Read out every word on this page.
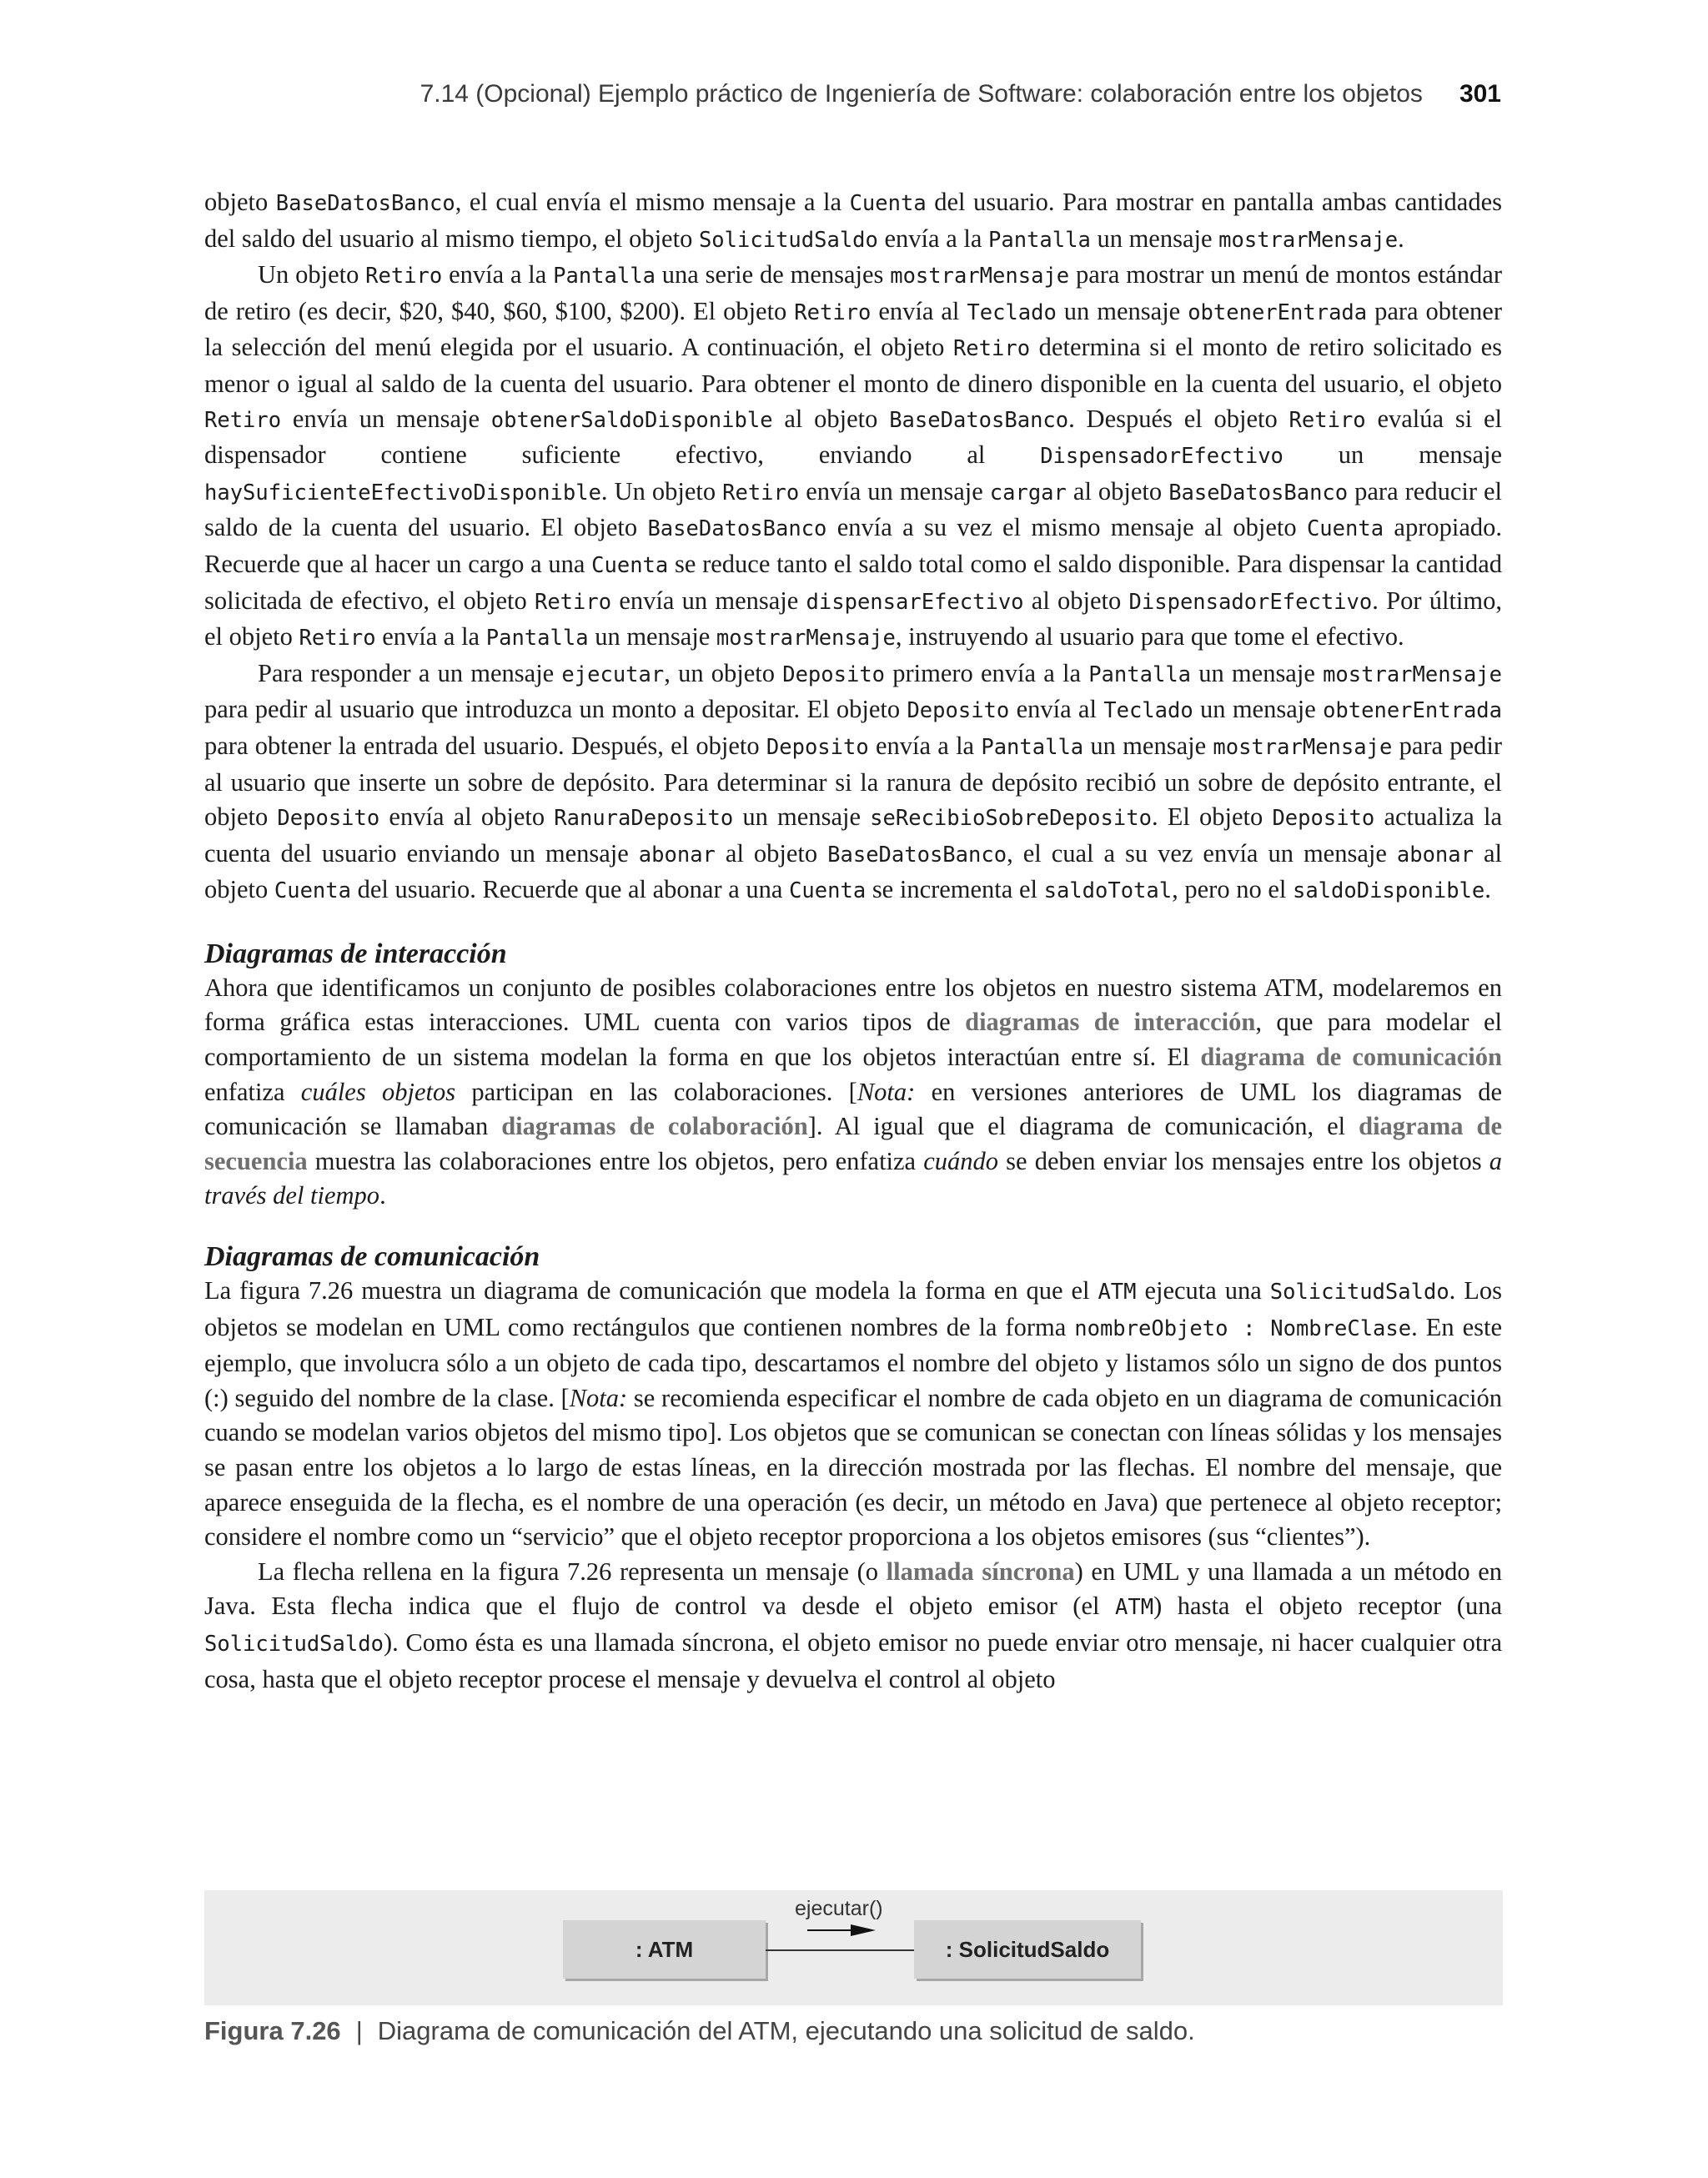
7.14 (Opcional) Ejemplo práctico de Ingeniería de Software: colaboración entre los objetos 301

objeto BaseDatosBanco, el cual envía el mismo mensaje a la Cuenta del usuario. Para mostrar en pantalla ambas cantidades del saldo del usuario al mismo tiempo, el objeto SolicitudSaldo envía a la Pantalla un mensaje mostrarMensaje.

Un objeto Retiro envía a la Pantalla una serie de mensajes mostrarMensaje para mostrar un menú de montos estándar de retiro (es decir, $20, $40, $60, $100, $200). El objeto Retiro envía al Teclado un mensaje obtenerEntrada para obtener la selección del menú elegida por el usuario. A continuación, el objeto Retiro determina si el monto de retiro solicitado es menor o igual al saldo de la cuenta del usuario. Para obtener el monto de dinero disponible en la cuenta del usuario, el objeto Retiro envía un mensaje obtenerSaldoDisponible al objeto BaseDatosBanco. Después el objeto Retiro evalúa si el dispensador contiene suficiente efectivo, enviando al DispensadorEfectivo un mensaje haySuficienteEfectivoDisponible. Un objeto Retiro envía un mensaje cargar al objeto BaseDatosBanco para reducir el saldo de la cuenta del usuario. El objeto BaseDatosBanco envía a su vez el mismo mensaje al objeto Cuenta apropiado. Recuerde que al hacer un cargo a una Cuenta se reduce tanto el saldo total como el saldo disponible. Para dispensar la cantidad solicitada de efectivo, el objeto Retiro envía un mensaje dispensarEfectivo al objeto DispensadorEfectivo. Por último, el objeto Retiro envía a la Pantalla un mensaje mostrarMensaje, instruyendo al usuario para que tome el efectivo.

Para responder a un mensaje ejecutar, un objeto Deposito primero envía a la Pantalla un mensaje mostrarMensaje para pedir al usuario que introduzca un monto a depositar. El objeto Deposito envía al Teclado un mensaje obtenerEntrada para obtener la entrada del usuario. Después, el objeto Deposito envía a la Pantalla un mensaje mostrarMensaje para pedir al usuario que inserte un sobre de depósito. Para determinar si la ranura de depósito recibió un sobre de depósito entrante, el objeto Deposito envía al objeto RanuraDeposito un mensaje seRecibioSobreDeposito. El objeto Deposito actualiza la cuenta del usuario enviando un mensaje abonar al objeto BaseDatosBanco, el cual a su vez envía un mensaje abonar al objeto Cuenta del usuario. Recuerde que al abonar a una Cuenta se incrementa el saldoTotal, pero no el saldoDisponible.

Diagramas de interacción

Ahora que identificamos un conjunto de posibles colaboraciones entre los objetos en nuestro sistema ATM, modelaremos en forma gráfica estas interacciones. UML cuenta con varios tipos de diagramas de interacción, que para modelar el comportamiento de un sistema modelan la forma en que los objetos interactúan entre sí. El diagrama de comunicación enfatiza cuáles objetos participan en las colaboraciones. [Nota: en versiones anteriores de UML los diagramas de comunicación se llamaban diagramas de colaboración]. Al igual que el diagrama de comunicación, el diagrama de secuencia muestra las colaboraciones entre los objetos, pero enfatiza cuándo se deben enviar los mensajes entre los objetos a través del tiempo.

Diagramas de comunicación

La figura 7.26 muestra un diagrama de comunicación que modela la forma en que el ATM ejecuta una SolicitudSaldo. Los objetos se modelan en UML como rectángulos que contienen nombres de la forma nombreObjeto : NombreClase. En este ejemplo, que involucra sólo a un objeto de cada tipo, descartamos el nombre del objeto y listamos sólo un signo de dos puntos (:) seguido del nombre de la clase. [Nota: se recomienda especificar el nombre de cada objeto en un diagrama de comunicación cuando se modelan varios objetos del mismo tipo]. Los objetos que se comunican se conectan con líneas sólidas y los mensajes se pasan entre los objetos a lo largo de estas líneas, en la dirección mostrada por las flechas. El nombre del mensaje, que aparece enseguida de la flecha, es el nombre de una operación (es decir, un método en Java) que pertenece al objeto receptor; considere el nombre como un “servicio” que el objeto receptor proporciona a los objetos emisores (sus “clientes”).

La flecha rellena en la figura 7.26 representa un mensaje (o llamada síncrona) en UML y una llamada a un método en Java. Esta flecha indica que el flujo de control va desde el objeto emisor (el ATM) hasta el objeto receptor (una SolicitudSaldo). Como ésta es una llamada síncrona, el objeto emisor no puede enviar otro mensaje, ni hacer cualquier otra cosa, hasta que el objeto receptor procese el mensaje y devuelva el control al objeto

: ATM	: SolicitudSaldo
ejecutar()
Figura 7.26 | Diagrama de comunicación del ATM, ejecutando una solicitud de saldo.
